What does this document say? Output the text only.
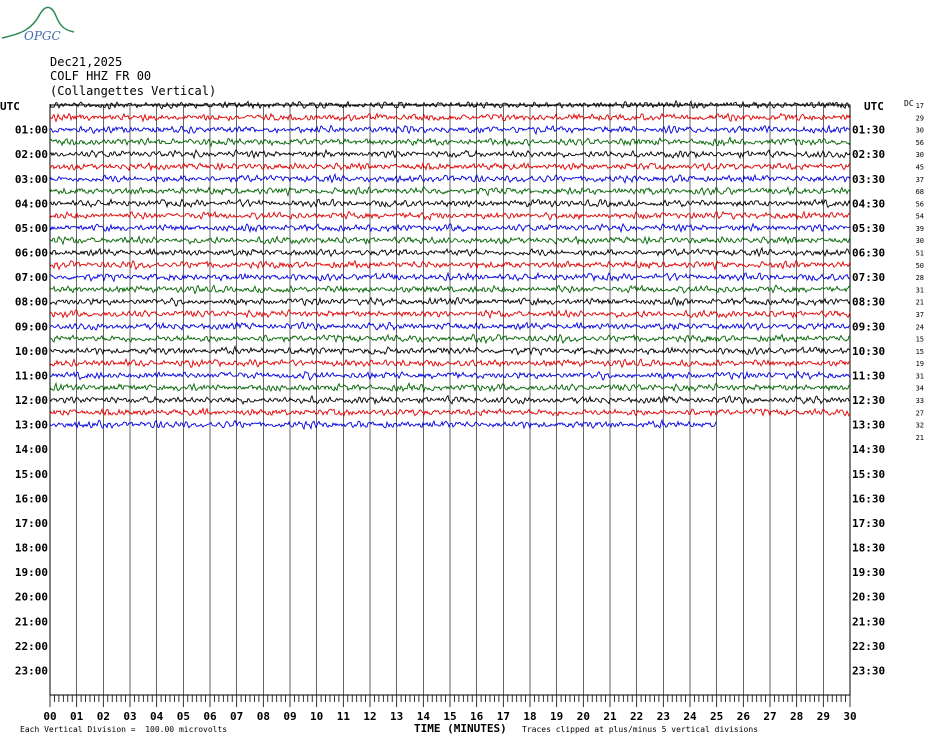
OPGC
Dec21,2025
COLF HHZ FR 00
(Collangettes Vertical)
UTC	UTC	DC
00 01 02 03 04 05 06 07 08 09 10 11 12 13 14 15 16 17 18 19 20 21 22 23 24 25 26 27 28 29 30
01:00
02:00
03:00
04:00
05:00
06:00
07:00
08:00
09:00
10:00
11:00
12:00
13:00
14:00
15:00
16:00
17:00
18:00
19:00
20:00
21:00
22:00
23:00
01:30
02:30
03:30
04:30
05:30
06:30
07:30
08:30
09:30
10:30
11:30
12:30
13:30
14:30
15:30
16:30
17:30
18:30
19:30
20:30
21:30
22:30
23:30
17
29
30
56
30
45
37
68
56
54
39
30
51
50
28
31
21
37
24
15
15
19
31
34
33
27
32
21
Each Vertical Division =  100.00 microvolts	TIME (MINUTES) Traces clipped at plus/minus 5 vertical divisions
